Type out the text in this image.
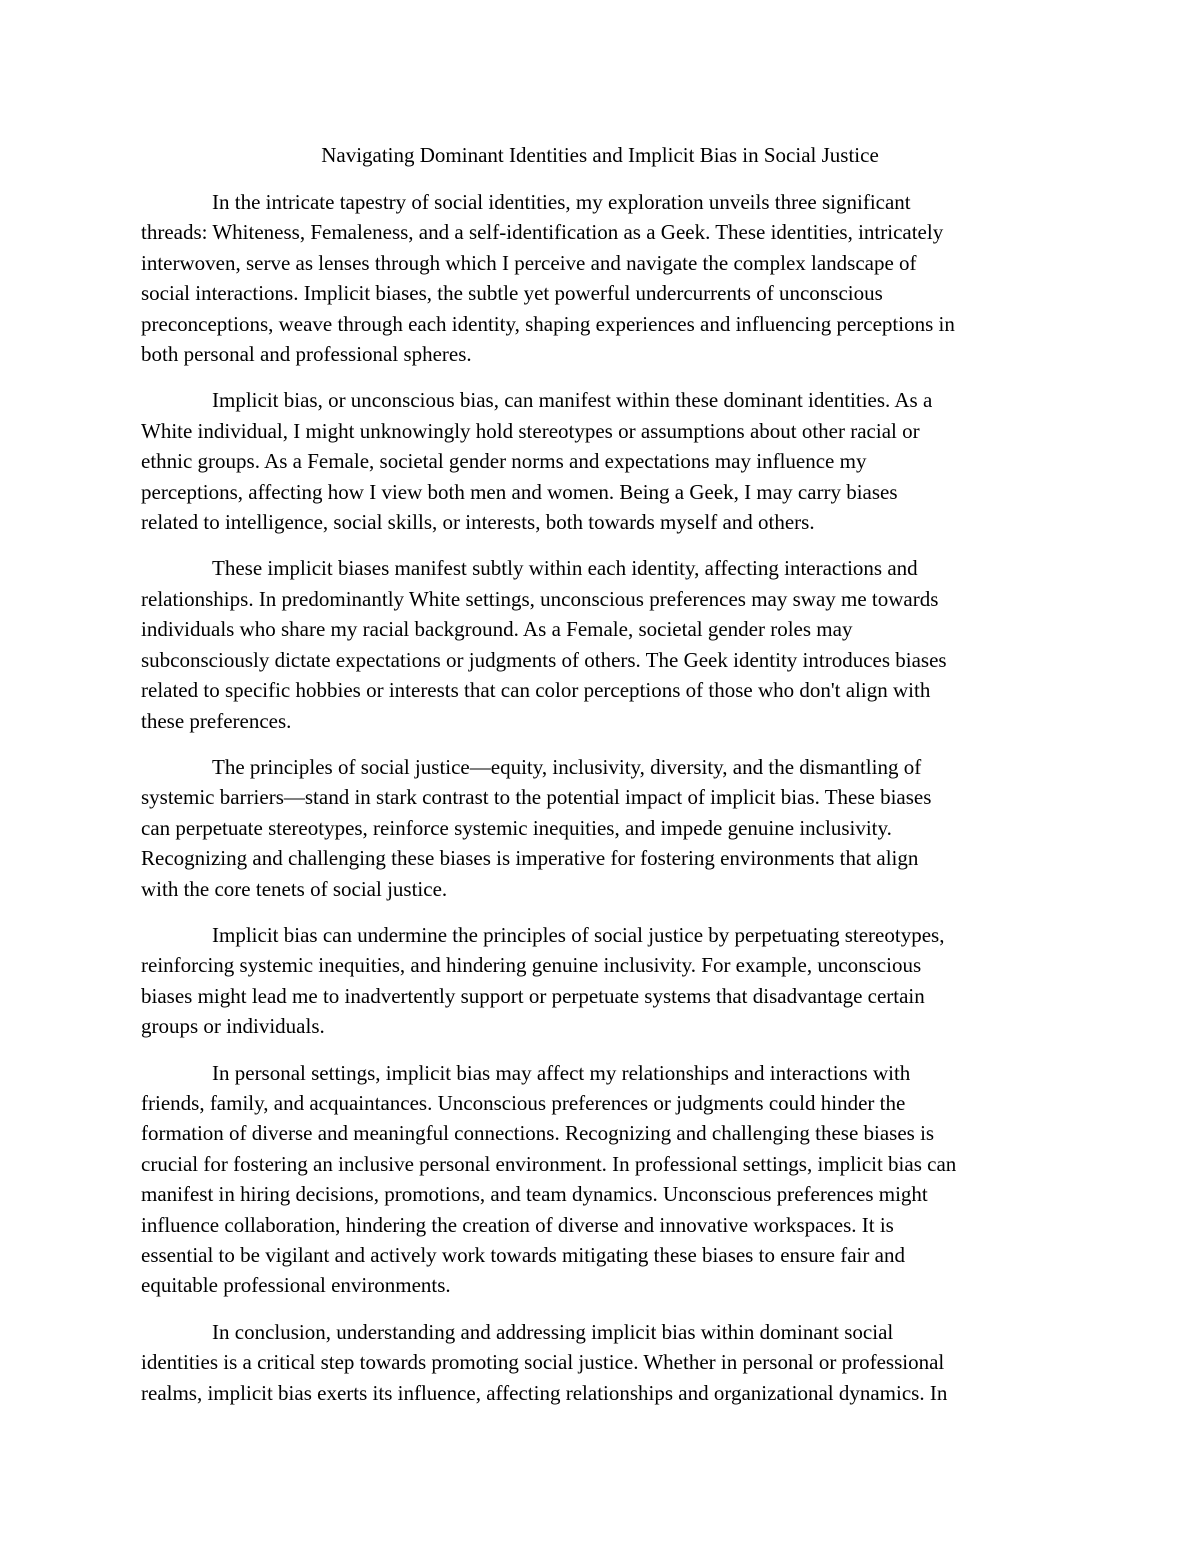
Navigating Dominant Identities and Implicit Bias in Social Justice

In the intricate tapestry of social identities, my exploration unveils three significant
threads: Whiteness, Femaleness, and a self-identification as a Geek. These identities, intricately
interwoven, serve as lenses through which I perceive and navigate the complex landscape of
social interactions. Implicit biases, the subtle yet powerful undercurrents of unconscious
preconceptions, weave through each identity, shaping experiences and influencing perceptions in
both personal and professional spheres.

Implicit bias, or unconscious bias, can manifest within these dominant identities. As a
White individual, I might unknowingly hold stereotypes or assumptions about other racial or
ethnic groups. As a Female, societal gender norms and expectations may influence my
perceptions, affecting how I view both men and women. Being a Geek, I may carry biases
related to intelligence, social skills, or interests, both towards myself and others.

These implicit biases manifest subtly within each identity, affecting interactions and
relationships. In predominantly White settings, unconscious preferences may sway me towards
individuals who share my racial background. As a Female, societal gender roles may
subconsciously dictate expectations or judgments of others. The Geek identity introduces biases
related to specific hobbies or interests that can color perceptions of those who don't align with
these preferences.

The principles of social justice—equity, inclusivity, diversity, and the dismantling of
systemic barriers—stand in stark contrast to the potential impact of implicit bias. These biases
can perpetuate stereotypes, reinforce systemic inequities, and impede genuine inclusivity.
Recognizing and challenging these biases is imperative for fostering environments that align
with the core tenets of social justice.

Implicit bias can undermine the principles of social justice by perpetuating stereotypes,
reinforcing systemic inequities, and hindering genuine inclusivity. For example, unconscious
biases might lead me to inadvertently support or perpetuate systems that disadvantage certain
groups or individuals.

In personal settings, implicit bias may affect my relationships and interactions with
friends, family, and acquaintances. Unconscious preferences or judgments could hinder the
formation of diverse and meaningful connections. Recognizing and challenging these biases is
crucial for fostering an inclusive personal environment. In professional settings, implicit bias can
manifest in hiring decisions, promotions, and team dynamics. Unconscious preferences might
influence collaboration, hindering the creation of diverse and innovative workspaces. It is
essential to be vigilant and actively work towards mitigating these biases to ensure fair and
equitable professional environments.

In conclusion, understanding and addressing implicit bias within dominant social
identities is a critical step towards promoting social justice. Whether in personal or professional
realms, implicit bias exerts its influence, affecting relationships and organizational dynamics. In
